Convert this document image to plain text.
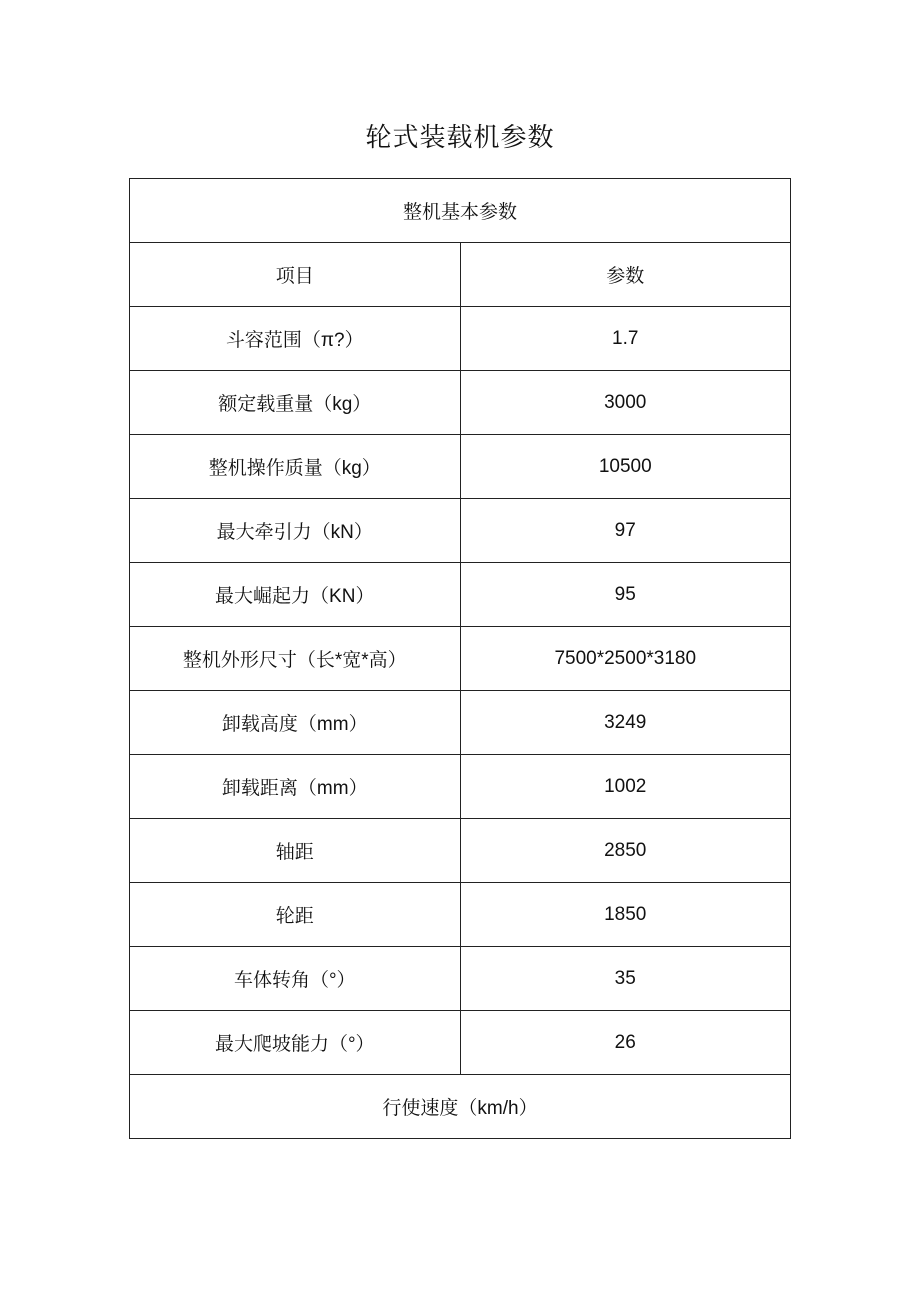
轮式装载机参数
整机基本参数	
项目	参数
斗容范围（π?）	1.7
额定载重量（kg）	3000
整机操作质量（kg）	10500
最大牵引力（kN）	97
最大崛起力（KN）	95
整机外形尺寸（长*宽*高）	7500*2500*3180
卸载高度（mm）	3249
卸载距离（mm）	1002
轴距	2850
轮距	1850
车体转角（°）	35
最大爬坡能力（°）	26
行使速度（km/h）	
